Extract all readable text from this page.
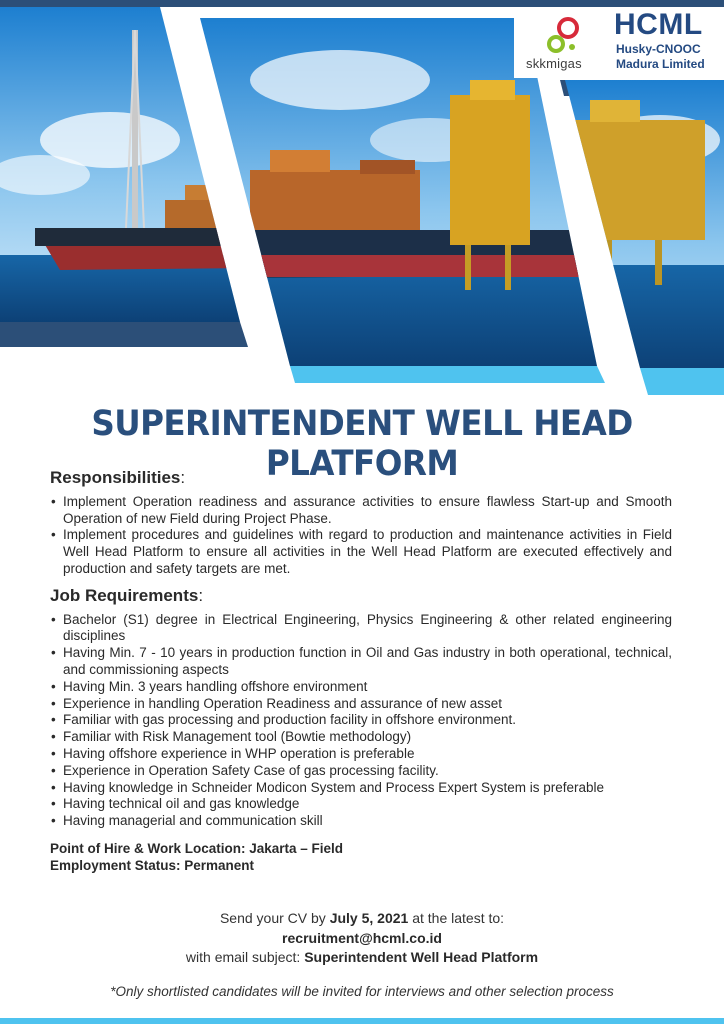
skkmigas
HCML
Husky-CNOOC
Madura Limited
SUPERINTENDENT WELL HEAD PLATFORM
Responsibilities:
• Implement Operation readiness and assurance activities to ensure flawless Start-up and Smooth Operation of new Field during Project Phase.
• Implement procedures and guidelines with regard to production and maintenance activities in Field Well Head Platform to ensure all activities in the Well Head Platform are executed effectively and production and safety targets are met.
Job Requirements:
• Bachelor (S1) degree in Electrical Engineering, Physics Engineering & other related engineering disciplines
• Having Min. 7 - 10 years in production function in Oil and Gas industry in both operational, technical, and commissioning aspects
• Having Min. 3 years handling offshore environment
• Experience in handling Operation Readiness and assurance of new asset
• Familiar with gas processing and production facility in offshore environment.
• Familiar with Risk Management tool (Bowtie methodology)
• Having offshore experience in WHP operation is preferable
• Experience in Operation Safety Case of gas processing facility.
• Having knowledge in Schneider Modicon System and Process Expert System is preferable
• Having technical oil and gas knowledge
• Having managerial and communication skill
Point of Hire & Work Location: Jakarta – Field
Employment Status: Permanent
Send your CV by July 5, 2021 at the latest to:
recruitment@hcml.co.id
with email subject: Superintendent Well Head Platform
*Only shortlisted candidates will be invited for interviews and other selection process
